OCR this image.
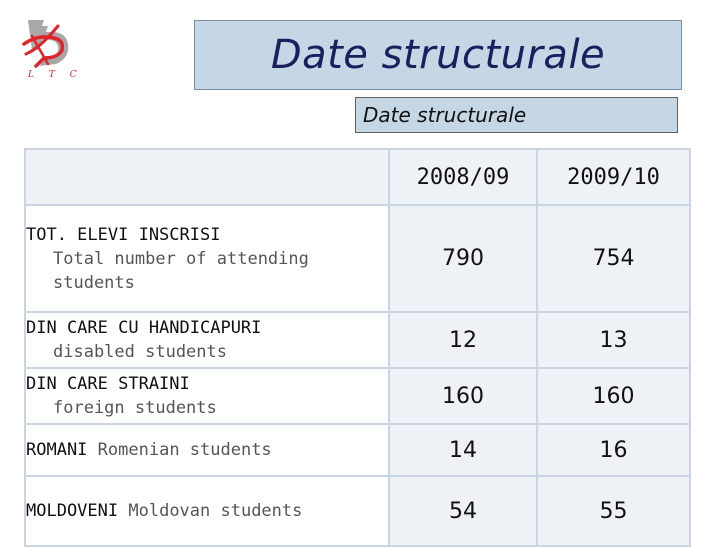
L T C	Date structurale
Date structurale
	2008/09	2009/10

TOT. ELEVI INSCRISI
Total number of attending students	790	754

DIN CARE CU HANDICAPURI
disabled students	12	13

DIN CARE STRAINI
foreign students	160	160

ROMANI Romenian students	14	16

MOLDOVENI Moldovan students	54	55
